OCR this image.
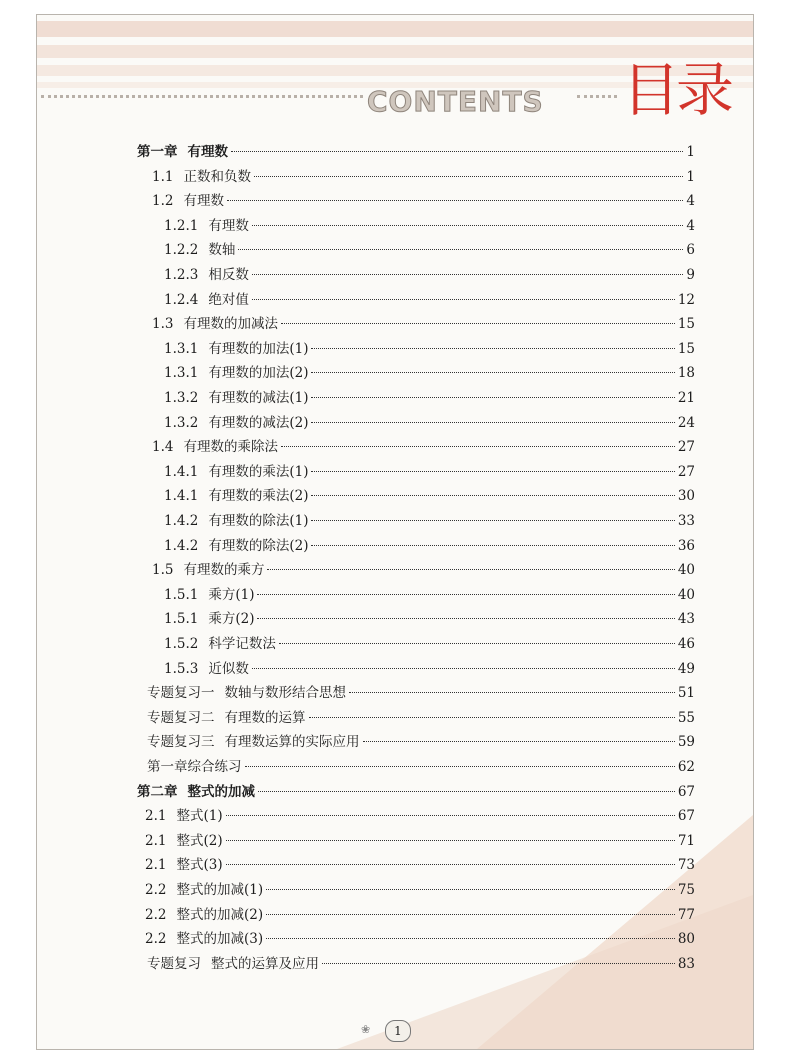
CONTENTS 目录
第一章 有理数	1
1.1 正数和负数	1
1.2 有理数	4
1.2.1 有理数	4
1.2.2 数轴	6
1.2.3 相反数	9
1.2.4 绝对值	12
1.3 有理数的加减法	15
1.3.1 有理数的加法(1)	15
1.3.1 有理数的加法(2)	18
1.3.2 有理数的减法(1)	21
1.3.2 有理数的减法(2)	24
1.4 有理数的乘除法	27
1.4.1 有理数的乘法(1)	27
1.4.1 有理数的乘法(2)	30
1.4.2 有理数的除法(1)	33
1.4.2 有理数的除法(2)	36
1.5 有理数的乘方	40
1.5.1 乘方(1)	40
1.5.1 乘方(2)	43
1.5.2 科学记数法	46
1.5.3 近似数	49
专题复习一 数轴与数形结合思想	51
专题复习二 有理数的运算	55
专题复习三 有理数运算的实际应用	59
第一章综合练习	62
第二章 整式的加减	67
2.1 整式(1)	67
2.1 整式(2)	71
2.1 整式(3)	73
2.2 整式的加减(1)	75
2.2 整式的加减(2)	77
2.2 整式的加减(3)	80
专题复习 整式的运算及应用	83
❀	1
